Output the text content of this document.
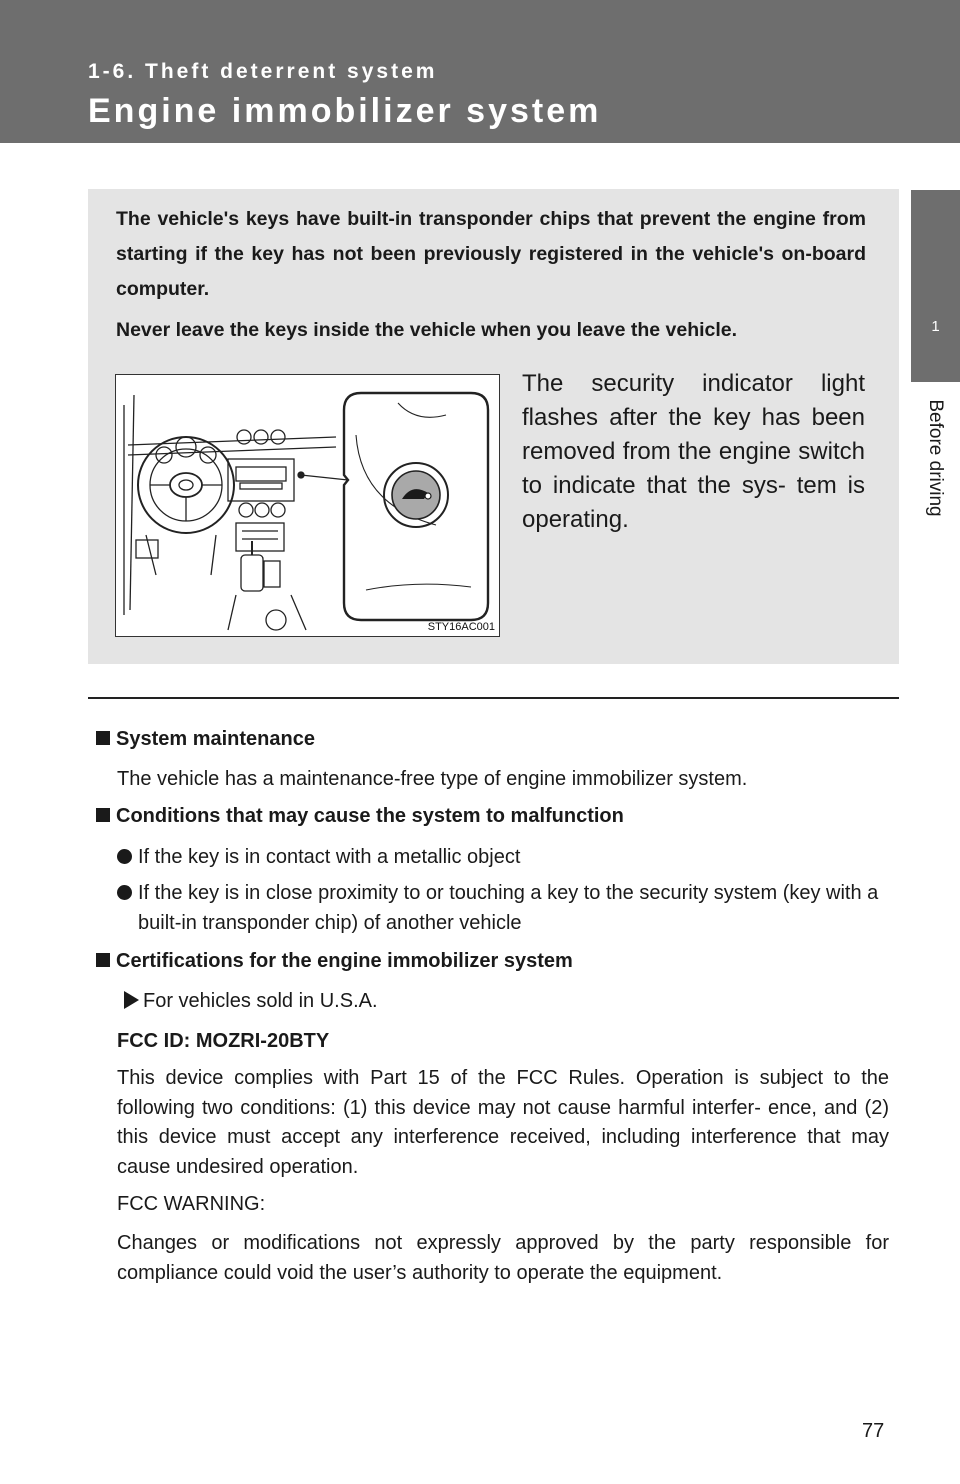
1-6. Theft deterrent system
Engine immobilizer system
1
Before driving
The vehicle's keys have built-in transponder chips that prevent the engine from starting if the key has not been previously registered in the vehicle's on-board computer.
Never leave the keys inside the vehicle when you leave the vehicle.
The security indicator light flashes after the key has been removed from the engine switch to indicate that the sys- tem is operating.
STY16AC001
System maintenance
The vehicle has a maintenance-free type of engine immobilizer system.
Conditions that may cause the system to malfunction
If the key is in contact with a metallic object
If the key is in close proximity to or touching a key to the security system (key with a built-in transponder chip) of another vehicle
Certifications for the engine immobilizer system
For vehicles sold in U.S.A.
FCC ID: MOZRI-20BTY
This device complies with Part 15 of the FCC Rules. Operation is subject to the following two conditions: (1) this device may not cause harmful interfer- ence, and (2) this device must accept any interference received, including interference that may cause undesired operation.
FCC WARNING:
Changes or modifications not expressly approved by the party responsible for compliance could void the user’s authority to operate the equipment.
77
